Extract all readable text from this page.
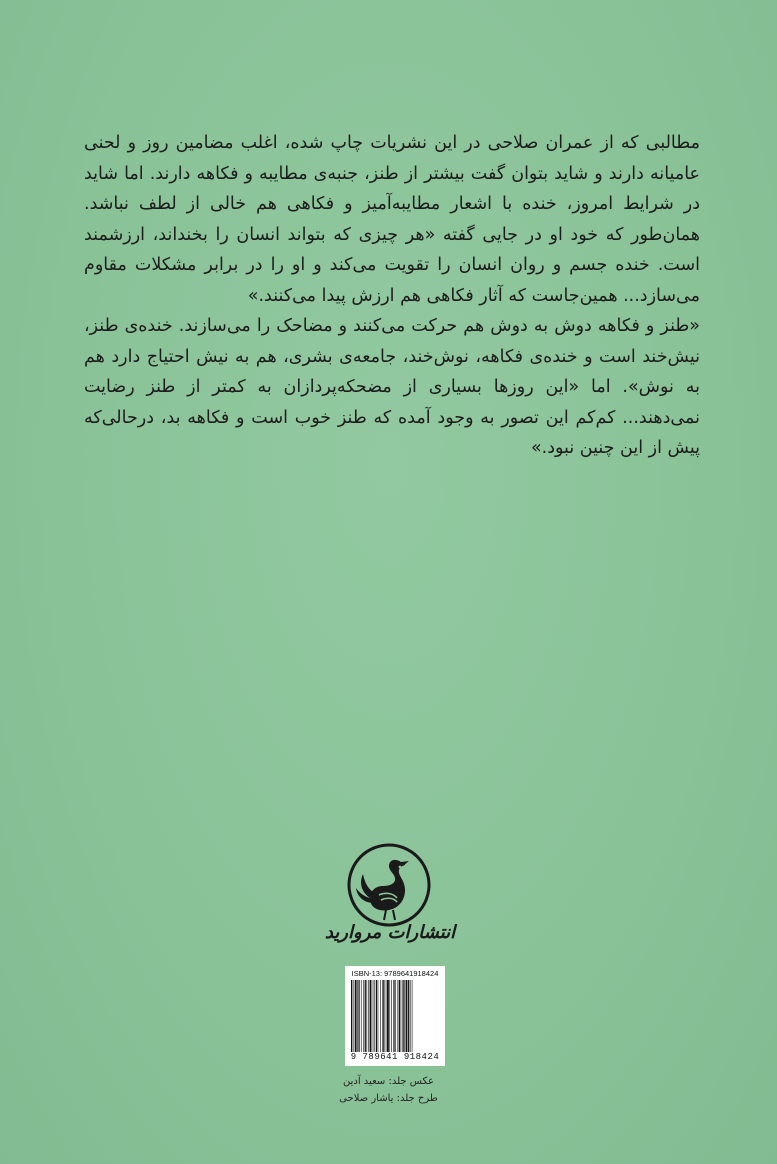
مطالبی که از عمران صلاحی در این نشریات چاپ شده، اغلب مضامین روز و لحنی عامیانه دارند و شاید بتوان گفت بیشتر از طنز، جنبه‌ی مطایبه و فکاهه دارند. اما شاید در شرایط امروز، خنده با اشعار مطایبه‌آمیز و فکاهی هم خالی از لطف نباشد. همان‌طور که خود او در جایی گفته «هر چیزی که بتواند انسان را بخنداند، ارزشمند است. خنده جسم و روان انسان را تقویت می‌کند و او را در برابر مشکلات مقاوم می‌سازد... همین‌جاست که آثار فکاهی هم ارزش پیدا می‌کنند.»

«طنز و فکاهه دوش به دوش هم حرکت می‌کنند و مضاحک را می‌سازند. خنده‌ی طنز، نیش‌خند است و خنده‌ی فکاهه، نوش‌خند، جامعه‌ی بشری، هم به نیش احتیاج دارد هم به نوش». اما «این روزها بسیاری از مضحکه‌پردازان به کمتر از طنز رضایت نمی‌دهند... کم‌کم این تصور به وجود آمده که طنز خوب است و فکاهه بد، درحالی‌که پیش از این چنین نبود.»

انتشارات مروارید
ISBN-13: 9789641918424
9 789641 918424
عکس جلد: سعید آدین
طرح جلد: یاشار صلاحی
